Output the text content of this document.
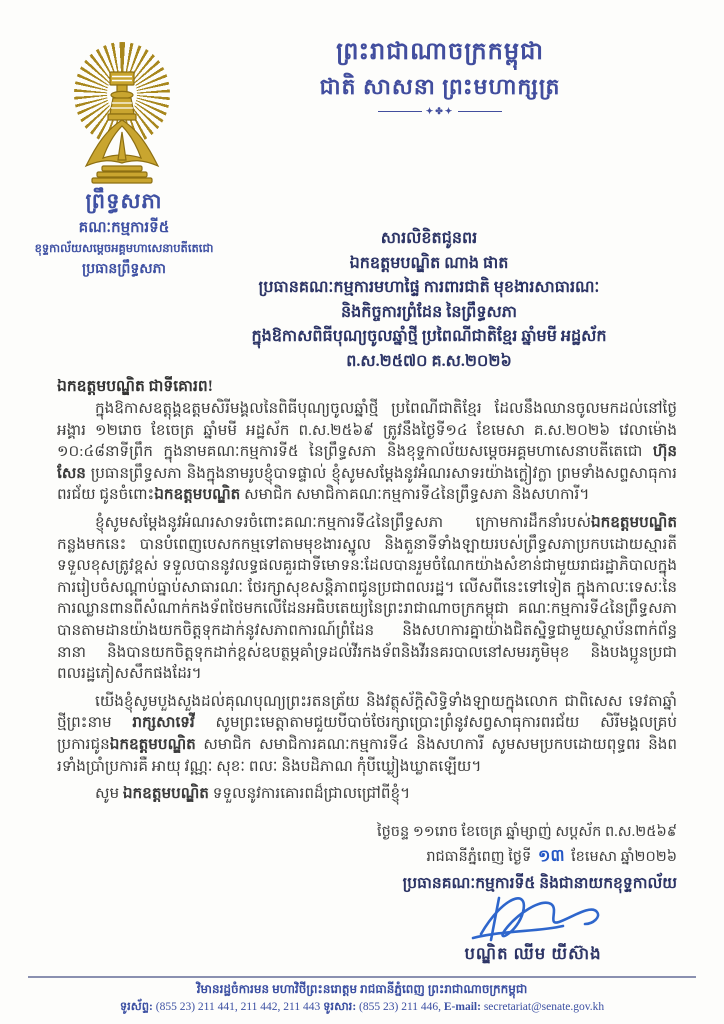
ព្រះរាជាណាចក្រកម្ពុជា
ជាតិ សាសនា ព្រះមហាក្សត្រ
✦✤✦
ព្រឹទ្ធសភា
គណៈកម្មការទី៥
ខុទ្ទកាល័យសម្តេចអគ្គមហាសេនាបតីតេជោ
ប្រធានព្រឹទ្ធសភា
សារលិខិតជូនពរ
ឯកឧត្តមបណ្ឌិត ណាង ផាត
ប្រធានគណៈកម្មការមហាផ្ទៃ ការពារជាតិ មុខងារសាធារណៈ
និងកិច្ចការព្រំដែន នៃព្រឹទ្ធសភា
ក្នុងឱកាសពិធីបុណ្យចូលឆ្នាំថ្មី ប្រពៃណីជាតិខ្មែរ ឆ្នាំមមី អដ្ឋស័ក
ព.ស.២៥៧០ គ.ស.២០២៦
ឯកឧត្តមបណ្ឌិត ជាទីគោរព!

ក្នុងឱកាសឧត្តុង្គឧត្តមសិរីមង្គលនៃពិធីបុណ្យចូលឆ្នាំថ្មី ប្រពៃណីជាតិខ្មែរ ដែលនឹងឈានចូលមកដល់នៅថ្ងៃអង្គារ ១២រោច ខែចេត្រ ឆ្នាំមមី អដ្ឋស័ក ព.ស.២៥៦៩ ត្រូវនឹងថ្ងៃទី១៤ ខែមេសា គ.ស.២០២៦ វេលាម៉ោង ១០:៤៨នាទីព្រឹក ក្នុងនាមគណៈកម្មការទី៥ នៃព្រឹទ្ធសភា និងខុទ្ទកាល័យសម្តេចអគ្គមហាសេនាបតីតេជោ ហ៊ុន សែន ប្រធានព្រឹទ្ធសភា និងក្នុងនាមរូបខ្ញុំបាទផ្ទាល់ ខ្ញុំសូមសម្តែងនូវអំណរសាទរយ៉ាងក្លៀវក្លា ព្រមទាំងសព្ទសាធុការពរជ័យ ជូនចំពោះឯកឧត្តមបណ្ឌិត សមាជិក សមាជិកាគណៈកម្មការទី៤នៃព្រឹទ្ធសភា និងសហការី។

ខ្ញុំសូមសម្តែងនូវអំណរសាទរចំពោះគណៈកម្មការទី៤នៃព្រឹទ្ធសភា ក្រោមការដឹកនាំរបស់ឯកឧត្តមបណ្ឌិត កន្លងមកនេះ បានបំពេញបេសកកម្មទៅតាមមុខងារស្នូល និងតួនាទីទាំងឡាយរបស់ព្រឹទ្ធសភាប្រកបដោយស្មារតីទទួលខុសត្រូវខ្ពស់ ទទួលបាននូវលទ្ធផលគួរជាទីមោទនៈដែលបានរួមចំណែកយ៉ាងសំខាន់ជាមួយរាជរដ្ឋាភិបាលក្នុងការរៀបចំសណ្តាប់ធ្នាប់សាធារណៈ ថែរក្សាសុខសន្តិភាពជូនប្រជាពលរដ្ឋ។ លើសពីនេះទៅទៀត ក្នុងកាលៈទេសៈនៃការឈ្លានពានពីសំណាក់កងទ័ពថៃមកលើដែនអធិបតេយ្យនៃព្រះរាជាណាចក្រកម្ពុជា គណៈកម្មការទី៤នៃព្រឹទ្ធសភាបានតាមដានយ៉ាងយកចិត្តទុកដាក់នូវសភាពការណ៍ព្រំដែន និងសហការគ្នាយ៉ាងជិតស្និទ្ធជាមួយស្ថាប័នពាក់ព័ន្ធនានា និងបានយកចិត្តទុកដាក់ខ្ពស់ឧបត្ថម្ភគាំទ្រដល់វីរកងទ័ពនិងវីរនគរបាលនៅសមរភូមិមុខ និងបងប្អូនប្រជាពលរដ្ឋភៀសសឹកផងដែរ។

យើងខ្ញុំសូមបួងសួងដល់គុណបុណ្យព្រះរតនត្រ័យ និងវត្ថុស័ក្តិសិទ្ធិទាំងឡាយក្នុងលោក ជាពិសេស ទេវតាឆ្នាំថ្មីព្រះនាម រាក្សសាទេវី សូមព្រះមេត្តាតាមជួយបីបាច់ថែរក្សាប្រោះព្រំនូវសព្វសាធុការពរជ័យ សិរីមង្គលគ្រប់ប្រការជូនឯកឧត្តមបណ្ឌិត សមាជិក សមាជិការគណៈកម្មការទី៤ និងសហការី សូមសមប្រកបដោយពុទ្ធពរ និងពរទាំងប្រាំប្រការគឺ អាយុ វណ្ណៈ សុខៈ ពលៈ និងបដិភាណ កុំបីឃ្លៀងឃ្លាតឡើយ។

សូម ឯកឧត្តមបណ្ឌិត ទទួលនូវការគោរពដ៏ជ្រាលជ្រៅពីខ្ញុំ។

ថ្ងៃចន្ទ ១១រោច ខែចេត្រ ឆ្នាំម្សាញ់ សប្តស័ក ព.ស.២៥៦៩
រាជធានីភ្នំពេញ ថ្ងៃទី ១៣ ខែមេសា ឆ្នាំ២០២៦
ប្រធានគណៈកម្មការទី៥ និងជានាយកខុទ្ទកាល័យ
បណ្ឌិត ឈីម យីស៊ាង
វិមានរដ្ឋចំការមន មហាវិថីព្រះនរោត្តម រាជធានីភ្នំពេញ ព្រះរាជាណាចក្រកម្ពុជា
ទូរស័ព្ទ: (855 23) 211 441, 211 442, 211 443 ទូរសារ: (855 23) 211 446, E-mail: secretariat@senate.gov.kh
